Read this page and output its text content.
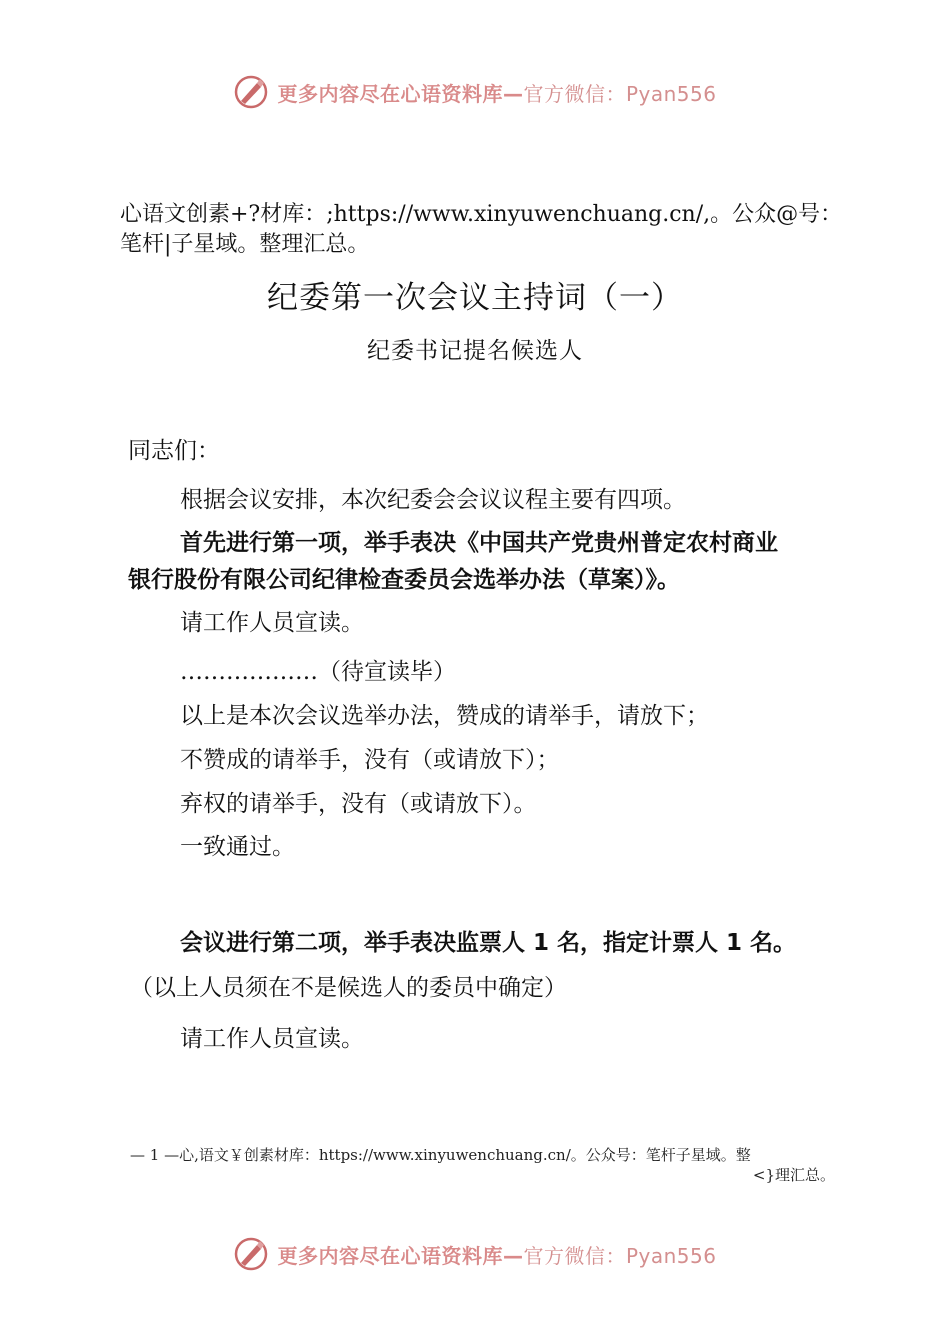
更多内容尽在心语资料库—官方微信：Pyan556
心语文创素+?材库：;https://www.xinyuwenchuang.cn/,。公众@号：笔杆|子星域。整理汇总。
纪委第一次会议主持词（一）
纪委书记提名候选人
同志们：
根据会议安排，本次纪委会会议议程主要有四项。
首先进行第一项，举手表决《中国共产党贵州普定农村商业
银行股份有限公司纪律检查委员会选举办法（草案）》。
请工作人员宣读。
………………（待宣读毕）
以上是本次会议选举办法，赞成的请举手，请放下；
不赞成的请举手，没有（或请放下）；
弃权的请举手，没有（或请放下）。
一致通过。
会议进行第二项，举手表决监票人 1 名，指定计票人 1 名。
（以上人员须在不是候选人的委员中确定）
请工作人员宣读。
— 1 —心,语文￥创素材库：https://www.xinyuwenchuang.cn/。公众号：笔杆子星域。整
<}理汇总。
更多内容尽在心语资料库—官方微信：Pyan556
